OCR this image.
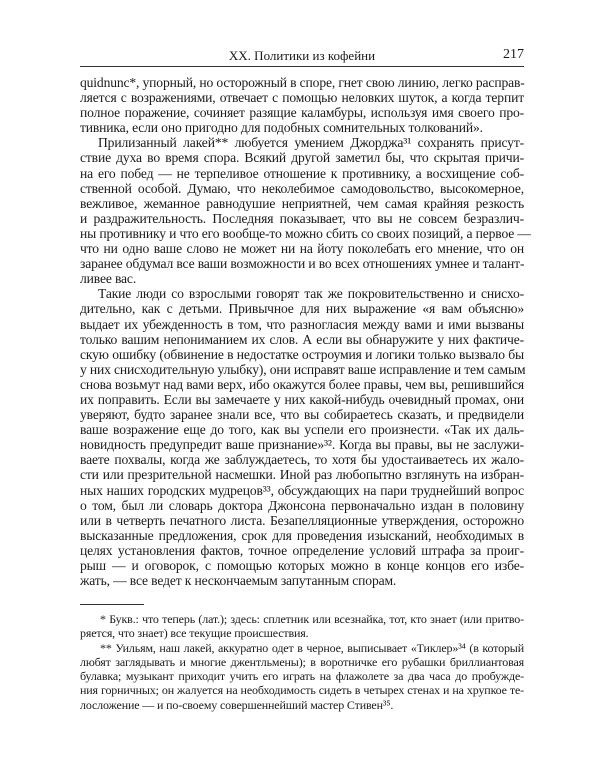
XX. Политики из кофейни	217
quidnunc*, упорный, но осторожный в споре, гнет свою линию, легко расправ-
ляется с возражениями, отвечает с помощью неловких шуток, а когда терпит
полное поражение, сочиняет разящие каламбуры, используя имя своего про-
тивника, если оно пригодно для подобных сомнительных толкований».
Прилизанный лакей** любуется умением Джорджа³¹ сохранять присут-
ствие духа во время спора. Всякий другой заметил бы, что скрытая причи-
на его побед — не терпеливое отношение к противнику, а восхищение соб-
ственной особой. Думаю, что неколебимое самодовольство, высокомерное,
вежливое, жеманное равнодушие неприятней, чем самая крайняя резкость
и раздражительность. Последняя показывает, что вы не совсем безразлич-
ны противнику и что его вообще-то можно сбить со своих позиций, а первое —
что ни одно ваше слово не может ни на йоту поколебать его мнение, что он
заранее обдумал все ваши возможности и во всех отношениях умнее и талант-
ливее вас.
Такие люди со взрослыми говорят так же покровительственно и снисхо-
дительно, как с детьми. Привычное для них выражение «я вам объясню»
выдает их убежденность в том, что разногласия между вами и ими вызваны
только вашим непониманием их слов. А если вы обнаружите у них фактиче-
скую ошибку (обвинение в недостатке остроумия и логики только вызвало бы
у них снисходительную улыбку), они исправят ваше исправление и тем самым
снова возьмут над вами верх, ибо окажутся более правы, чем вы, решившийся
их поправить. Если вы замечаете у них какой-нибудь очевидный промах, они
уверяют, будто заранее знали все, что вы собираетесь сказать, и предвидели
ваше возражение еще до того, как вы успели его произнести. «Так их даль-
новидность предупредит ваше признание»³². Когда вы правы, вы не заслужи-
ваете похвалы, когда же заблуждаетесь, то хотя бы удостаиваетесь их жало-
сти или презрительной насмешки. Иной раз любопытно взглянуть на избран-
ных наших городских мудрецов³³, обсуждающих на пари труднейший вопрос
о том, был ли словарь доктора Джонсона первоначально издан в половину
или в четверть печатного листа. Безапелляционные утверждения, осторожно
высказанные предложения, срок для проведения изысканий, необходимых в
целях установления фактов, точное определение условий штрафа за проиг-
рыш — и оговорок, с помощью которых можно в конце концов его избе-
жать, — все ведет к нескончаемым запутанным спорам.
* Букв.: что теперь (лат.); здесь: сплетник или всезнайка, тот, кто знает (или притво-
ряется, что знает) все текущие происшествия.
** Уильям, наш лакей, аккуратно одет в черное, выписывает «Тиклер»³⁴ (в который
любят заглядывать и многие джентльмены); в воротничке его рубашки бриллиантовая
булавка; музыкант приходит учить его играть на флажолете за два часа до пробужде-
ния горничных; он жалуется на необходимость сидеть в четырех стенах и на хрупкое те-
лосложение — и по-своему совершеннейший мастер Стивен³⁵.
